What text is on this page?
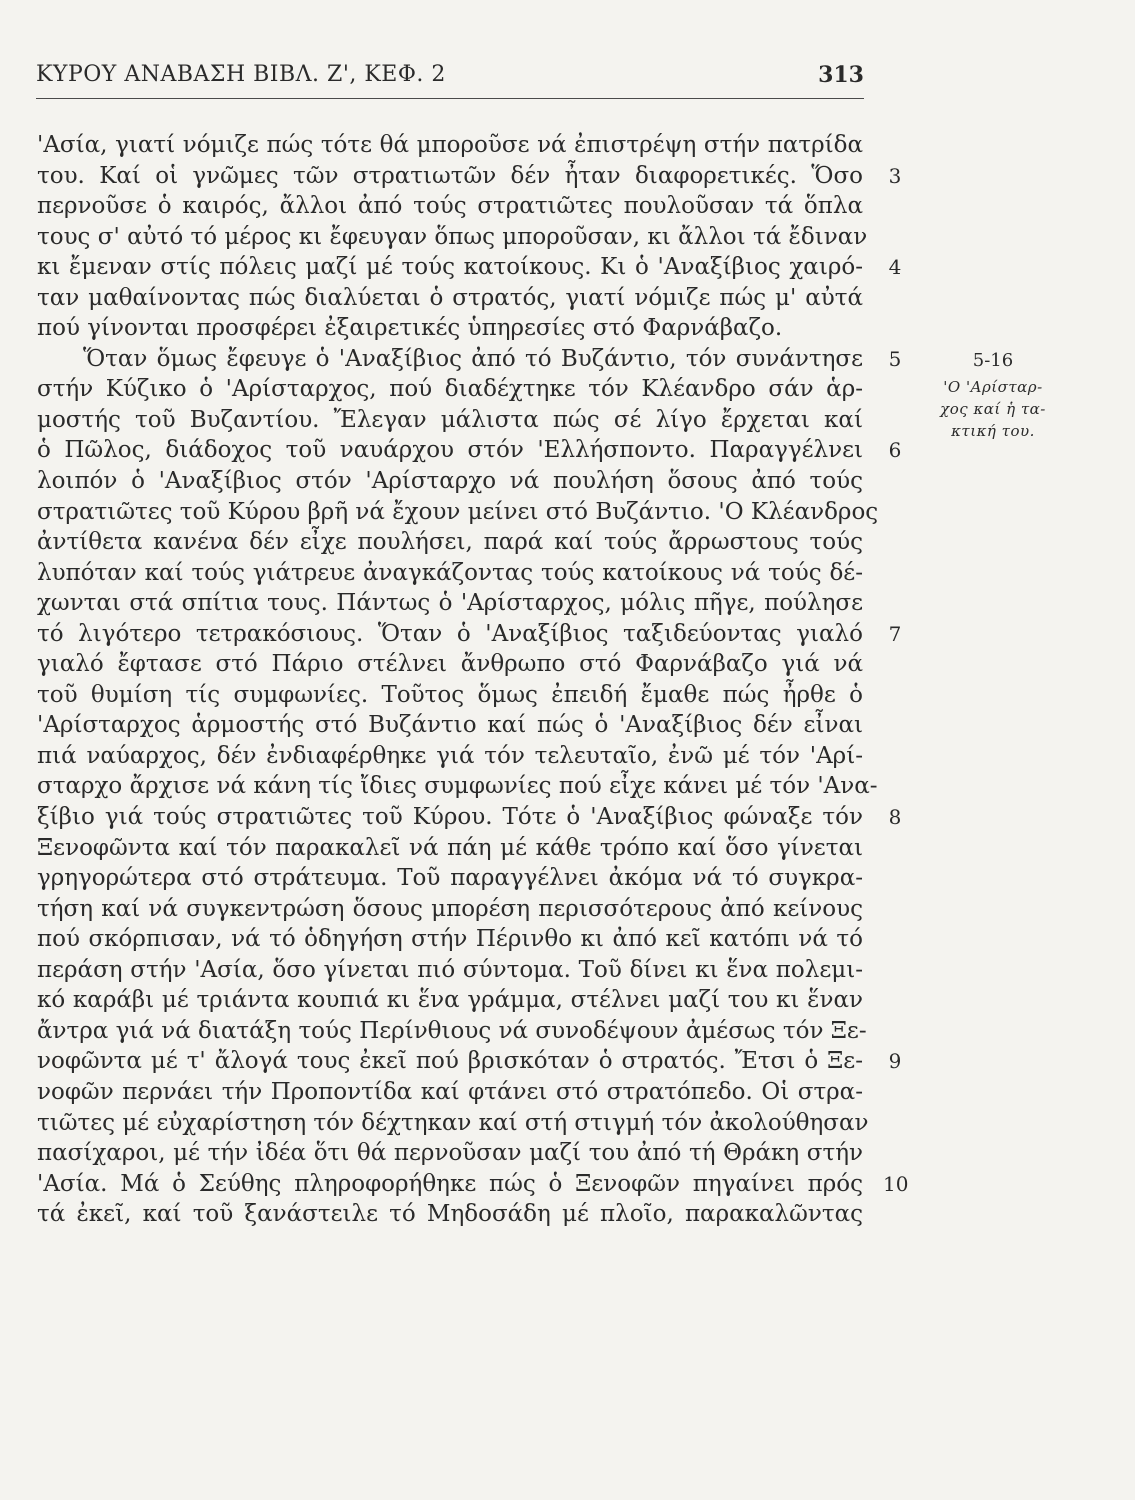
ΚΥΡΟΥ ΑΝΑΒΑΣΗ ΒΙΒΛ. Ζ', ΚΕΦ. 2	313
'Ασία, γιατί νόμιζε πώς τότε θά μποροῦσε νά ἐπιστρέψη στήν πατρίδα
του. Καί οἱ γνῶμες τῶν στρατιωτῶν δέν ἦταν διαφορετικές. Ὅσο 3
περνοῦσε ὁ καιρός, ἄλλοι ἀπό τούς στρατιῶτες πουλοῦσαν τά ὅπλα
τους σ' αὐτό τό μέρος κι ἔφευγαν ὅπως μποροῦσαν, κι ἄλλοι τά ἔδιναν
κι ἔμεναν στίς πόλεις μαζί μέ τούς κατοίκους. Κι ὁ 'Αναξίβιος χαιρό- 4
ταν μαθαίνοντας πώς διαλύεται ὁ στρατός, γιατί νόμιζε πώς μ' αὐτά
πού γίνονται προσφέρει ἐξαιρετικές ὑπηρεσίες στό Φαρνάβαζο.
Ὅταν ὅμως ἔφευγε ὁ 'Αναξίβιος ἀπό τό Βυζάντιο, τόν συνάντησε 5
στήν Κύζικο ὁ 'Αρίσταρχος, πού διαδέχτηκε τόν Κλέανδρο σάν ἁρ-
μοστής τοῦ Βυζαντίου. Ἔλεγαν μάλιστα πώς σέ λίγο ἔρχεται καί
ὁ Πῶλος, διάδοχος τοῦ ναυάρχου στόν 'Ελλήσποντο. Παραγγέλνει 6
λοιπόν ὁ 'Αναξίβιος στόν 'Αρίσταρχο νά πουλήση ὅσους ἀπό τούς
στρατιῶτες τοῦ Κύρου βρῆ νά ἔχουν μείνει στό Βυζάντιο. 'Ο Κλέανδρος
ἀντίθετα κανένα δέν εἶχε πουλήσει, παρά καί τούς ἄρρωστους τούς
λυπόταν καί τούς γιάτρευε ἀναγκάζοντας τούς κατοίκους νά τούς δέ-
χωνται στά σπίτια τους. Πάντως ὁ 'Αρίσταρχος, μόλις πῆγε, πούλησε
τό λιγότερο τετρακόσιους. Ὅταν ὁ 'Αναξίβιος ταξιδεύοντας γιαλό 7
γιαλό ἔφτασε στό Πάριο στέλνει ἄνθρωπο στό Φαρνάβαζο γιά νά
τοῦ θυμίση τίς συμφωνίες. Τοῦτος ὅμως ἐπειδή ἔμαθε πώς ἦρθε ὁ
'Αρίσταρχος ἁρμοστής στό Βυζάντιο καί πώς ὁ 'Αναξίβιος δέν εἶναι
πιά ναύαρχος, δέν ἐνδιαφέρθηκε γιά τόν τελευταῖο, ἐνῶ μέ τόν 'Αρί-
σταρχο ἄρχισε νά κάνη τίς ἴδιες συμφωνίες πού εἶχε κάνει μέ τόν 'Ανα-
ξίβιο γιά τούς στρατιῶτες τοῦ Κύρου. Τότε ὁ 'Αναξίβιος φώναξε τόν 8
Ξενοφῶντα καί τόν παρακαλεῖ νά πάη μέ κάθε τρόπο καί ὅσο γίνεται
γρηγορώτερα στό στράτευμα. Τοῦ παραγγέλνει ἀκόμα νά τό συγκρα-
τήση καί νά συγκεντρώση ὅσους μπορέση περισσότερους ἀπό κείνους
πού σκόρπισαν, νά τό ὁδηγήση στήν Πέρινθο κι ἀπό κεῖ κατόπι νά τό
περάση στήν 'Ασία, ὅσο γίνεται πιό σύντομα. Τοῦ δίνει κι ἕνα πολεμι-
κό καράβι μέ τριάντα κουπιά κι ἕνα γράμμα, στέλνει μαζί του κι ἕναν
ἄντρα γιά νά διατάξη τούς Περίνθιους νά συνοδέψουν ἀμέσως τόν Ξε-
νοφῶντα μέ τ' ἄλογά τους ἐκεῖ πού βρισκόταν ὁ στρατός. Ἔτσι ὁ Ξε- 9
νοφῶν περνάει τήν Προποντίδα καί φτάνει στό στρατόπεδο. Οἱ στρα-
τιῶτες μέ εὐχαρίστηση τόν δέχτηκαν καί στή στιγμή τόν ἀκολούθησαν
πασίχαροι, μέ τήν ἰδέα ὅτι θά περνοῦσαν μαζί του ἀπό τή Θράκη στήν
'Ασία. Μά ὁ Σεύθης πληροφορήθηκε πώς ὁ Ξενοφῶν πηγαίνει πρός 10
τά ἐκεῖ, καί τοῦ ξανάστειλε τό Μηδοσάδη μέ πλοῖο, παρακαλῶντας
5-16
'Ο 'Αρίσταρ-
χος καί ἡ τα-
κτική του.
